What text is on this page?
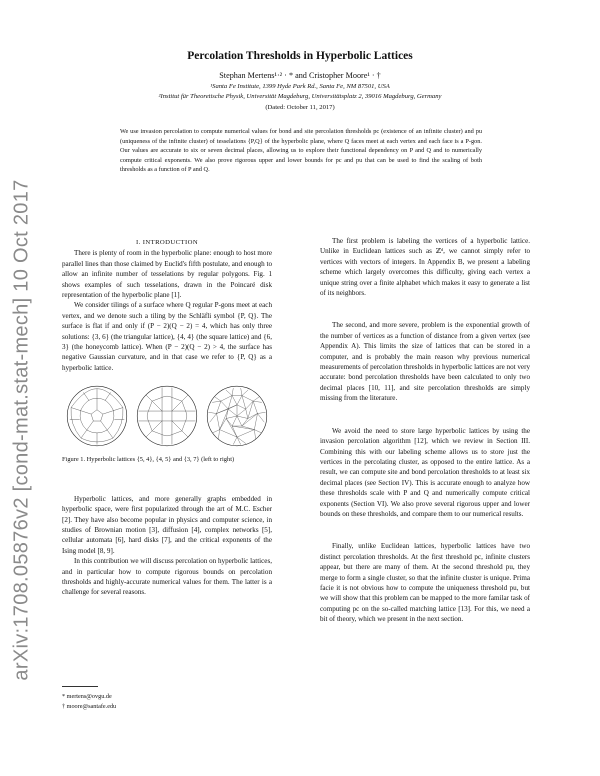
arXiv:1708.05876v2 [cond-mat.stat-mech] 10 Oct 2017
Percolation Thresholds in Hyperbolic Lattices
Stephan Mertens¹·² · * and Cristopher Moore¹ · †
¹Santa Fe Institute, 1399 Hyde Park Rd., Santa Fe, NM 87501, USA
²Institut für Theoretische Physik, Universität Magdeburg, Universitätsplatz 2, 39016 Magdeburg, Germany
(Dated: October 11, 2017)
We use invasion percolation to compute numerical values for bond and site percolation thresholds pc (existence of an infinite cluster) and pu (uniqueness of the infinite cluster) of tesselations {P,Q} of the hyperbolic plane, where Q faces meet at each vertex and each face is a P-gon. Our values are accurate to six or seven decimal places, allowing us to explore their functional dependency on P and Q and to numerically compute critical exponents. We also prove rigorous upper and lower bounds for pc and pu that can be used to find the scaling of both thresholds as a function of P and Q.

I. INTRODUCTION

There is plenty of room in the hyperbolic plane: enough to host more parallel lines than those claimed by Euclid's fifth postulate, and enough to allow an infinite number of tesselations by regular polygons. Fig. 1 shows examples of such tesselations, drawn in the Poincaré disk representation of the hyperbolic plane [1].

We consider tilings of a surface where Q regular P-gons meet at each vertex, and we denote such a tiling by the Schläfli symbol {P, Q}. The surface is flat if and only if (P − 2)(Q − 2) = 4, which has only three solutions: {3, 6} (the triangular lattice), {4, 4} (the square lattice) and {6, 3} (the honeycomb lattice). When (P − 2)(Q − 2) > 4, the surface has negative Gaussian curvature, and in that case we refer to {P, Q} as a hyperbolic lattice.

Figure 1. Hyperbolic lattices {5, 4}, {4, 5} and {3, 7} (left to right)

Hyperbolic lattices, and more generally graphs embedded in hyperbolic space, were first popularized through the art of M.C. Escher [2]. They have also become popular in physics and computer science, in studies of Brownian motion [3], diffusion [4], complex networks [5], cellular automata [6], hard disks [7], and the critical exponents of the Ising model [8, 9].

In this contribution we will discuss percolation on hyperbolic lattices, and in particular how to compute rigorous bounds on percolation thresholds and highly-accurate numerical values for them. The latter is a challenge for several reasons.

The first problem is labeling the vertices of a hyperbolic lattice. Unlike in Euclidean lattices such as ℤᵈ, we cannot simply refer to vertices with vectors of integers. In Appendix B, we present a labeling scheme which largely overcomes this difficulty, giving each vertex a unique string over a finite alphabet which makes it easy to generate a list of its neighbors.

The second, and more severe, problem is the exponential growth of the number of vertices as a function of distance from a given vertex (see Appendix A). This limits the size of lattices that can be stored in a computer, and is probably the main reason why previous numerical measurements of percolation thresholds in hyperbolic lattices are not very accurate: bond percolation thresholds have been calculated to only two decimal places [10, 11], and site percolation thresholds are simply missing from the literature.

We avoid the need to store large hyperbolic lattices by using the invasion percolation algorithm [12], which we review in Section III. Combining this with our labeling scheme allows us to store just the vertices in the percolating cluster, as opposed to the entire lattice. As a result, we can compute site and bond percolation thresholds to at least six decimal places (see Section IV). This is accurate enough to analyze how these thresholds scale with P and Q and numerically compute critical exponents (Section VI). We also prove several rigorous upper and lower bounds on these thresholds, and compare them to our numerical results.

Finally, unlike Euclidean lattices, hyperbolic lattices have two distinct percolation thresholds. At the first threshold pc, infinite clusters appear, but there are many of them. At the second threshold pu, they merge to form a single cluster, so that the infinite cluster is unique. Prima facie it is not obvious how to compute the uniqueness threshold pu, but we will show that this problem can be mapped to the more familar task of computing pc on the so-called matching lattice [13]. For this, we need a bit of theory, which we present in the next section.

* mertens@ovgu.de
† moore@santafe.edu
